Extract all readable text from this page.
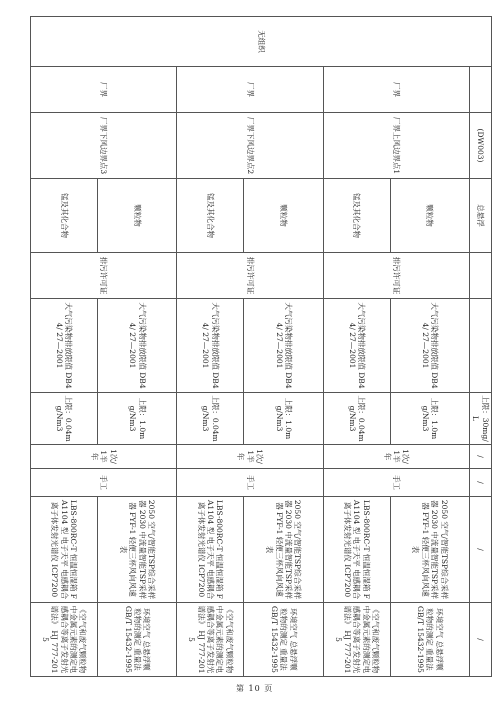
无组织		(DW003)	总悬浮			上限：30mg/L	/	/	/	/
	厂界	厂界上风边界点1	颗粒物	排污许可证	大气污染物排放限值 DB44/ 27—2001	上限：1.0mg/Nm3	1次/1半年	手工	2050 空气/智能TSP综合采样器 2030 中流量智能TSP采样器 FYF-1 轻便三杯风向风速表	环境空气 总悬浮颗粒物的测定 重量法 GB/T 15432-1995
			锰及其化合物		大气污染物排放限值 DB44/ 27—2001	上限：0.04mg/Nm3			LBS-800RC-T 恒温恒湿箱 FA1104 型 电子天平 电感耦合离子体发射光谱仪 ICP7200	《空气和废气颗粒物中金属元素的测定电感耦合等离子发射光谱法》 HJ 777-2015
	厂界	厂界下风边界点2	颗粒物	排污许可证	大气污染物排放限值 DB44/ 27—2001	上限：1.0mg/Nm3	1次/1半年	手工	2050 空气/智能TSP综合采样器 2030 中流量智能TSP采样器 FYF-1 轻便三杯风向风速表	环境空气 总悬浮颗粒物的测定 重量法 GB/T 15432-1995
			锰及其化合物		大气污染物排放限值 DB44/ 27—2001	上限：0.04mg/Nm3			LBS-800RC-T 恒温恒湿箱 FA1104 型 电子天平 电感耦合离子体发射光谱仪 ICP7200	《空气和废气颗粒物中金属元素的测定电感耦合等离子发射光谱法》 HJ 777-2015
	厂界	厂界下风边界点3	颗粒物	排污许可证	大气污染物排放限值 DB44/ 27—2001	上限：1.0mg/Nm3	1次/1半年	手工	2050 空气/智能TSP综合采样器 2030 中流量智能TSP采样器 FYF-1 轻便三杯风向风速表	环境空气 总悬浮颗粒物的测定 重量法 GB/T 15432-1995
			锰及其化合物		大气污染物排放限值 DB44/ 27—2001	上限：0.04mg/Nm3			LBS-800RC-T 恒温恒湿箱 FA1104 型 电子天平 电感耦合离子体发射光谱仪 ICP7200	《空气和废气颗粒物中金属元素的测定电感耦合等离子发射光谱法》 HJ 777-2015
第 10 页
